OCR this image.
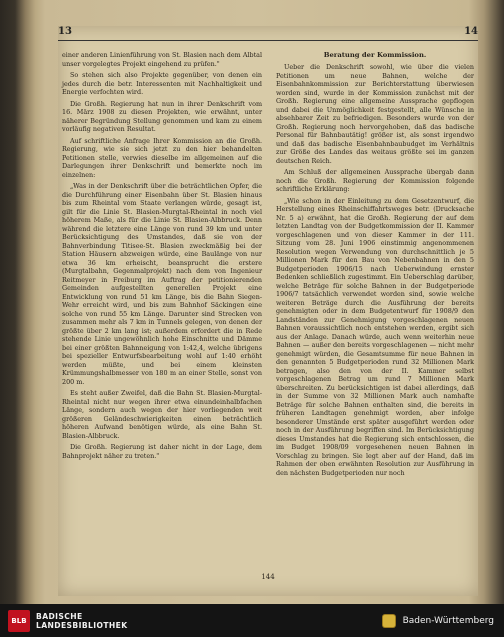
13	14

einer anderen Linienführung von St. Blasien nach dem Albtal unser vorgelegtes Projekt eingehend zu prüfen."

So stehen sich also Projekte gegenüber, von denen ein jedes durch die betr. Interessenten mit Nachhaltigkeit und Energie verfochten wird.

Die Großh. Regierung hat nun in ihrer Denkschrift vom 16. März 1908 zu diesen Projekten, wie erwähnt, unter näherer Begründung Stellung genommen und kam zu einem vorläufig negativen Resultat.

Auf schriftliche Anfrage Ihrer Kommission an die Großh. Regierung, wie sie sich jetzt zu den hier behandelten Petitionen stelle, verwies dieselbe im allgemeinen auf die Darlegungen ihrer Denkschrift und bemerkte noch im einzelnen:

„Was in der Denkschrift über die beträchtlichen Opfer, die die Durchführung einer Eisenbahn über St. Blasien hinaus bis zum Rheintal vom Staate verlangen würde, gesagt ist, gilt für die Linie St. Blasien-Murgtal-Rheintal in noch viel höherem Maße, als für die Linie St. Blasien-Albbruck. Denn während die letztere eine Länge von rund 39 km und unter Berücksichtigung des Umstandes, daß sie von der Bahnverbindung Titisee-St. Blasien zweckmäßig bei der Station Häusern abzweigen würde, eine Baulänge von nur etwa 36 km erheischt, beansprucht die erstere (Murgtalbahn, Gegenmalprojekt) nach dem von Ingenieur Reitmeyer in Freiburg im Auftrag der petitionierenden Gemeinden aufgestellten generellen Projekt eine Entwicklung von rund 51 km Länge, bis die Bahn Siegen-Wehr erreicht wird, und bis zum Bahnhof Säckingen eine solche von rund 55 km Länge. Darunter sind Strecken von zusammen mehr als 7 km in Tunnels gelegen, von denen der größte über 2 km lang ist; außerdem erfordert die in Rede stehende Linie ungewöhnlich hohe Einschnitte und Dämme bei einer größten Bahnneigung von 1:42,4, welche übrigens bei spezieller Entwurfsbearbeitung wohl auf 1:40 erhöht werden müßte, und bei einem kleinsten Krümmungshalbmesser von 180 m an einer Stelle, sonst von 200 m.

Es steht außer Zweifel, daß die Bahn St. Blasien-Murgtal-Rheintal nicht nur wegen ihrer etwa einundeinhalbfachen Länge, sondern auch wegen der hier vorliegenden weit größeren Geländeschwierigkeiten einen beträchtlich höheren Aufwand benötigen würde, als eine Bahn St. Blasien-Albbruck.

Die Großh. Regierung ist daher nicht in der Lage, dem Bahnprojekt näher zu treten."

Beratung der Kommission.

Ueber die Denkschrift sowohl, wie über die vielen Petitionen um neue Bahnen, welche der Eisenbahnkommission zur Berichterstattung überwiesen worden sind, wurde in der Kommission zunächst mit der Großh. Regierung eine allgemeine Aussprache gepflogen und dabei die Unmöglichkeit festgestellt, alle Wünsche in absehbarer Zeit zu befriedigen. Besonders wurde von der Großh. Regierung noch hervorgehoben, daß das badische Personal für Bahnbautätig! größer ist, als sonst irgendwo und daß das badische Eisenbahnbaubudget im Verhältnis zur Größe des Landes das weitaus größte sei im ganzen deutschen Reich.

Am Schluß der allgemeinen Aussprache übergab dann noch die Großh. Regierung der Kommission folgende schriftliche Erklärung:

„Wie schon in der Einleitung zu dem Gesetzentwurf, die Herstellung eines Rheinschiffahrtsweges betr. (Drucksache Nr. 5 a) erwähnt, hat die Großh. Regierung der auf dem letzten Landtag von der Budgetkommission der II. Kammer vorgeschlagenen und von dieser Kammer in der 111. Sitzung vom 28. Juni 1906 einstimmig angenommenen Resolution wegen Verwendung von durchschnittlich je 5 Millionen Mark für den Bau von Nebenbahnen in den 5 Budgetperioden 1906/15 nach Ueberwindung ernster Bedenken schließlich zugestimmt. Ein Ueberschlag darüber, welche Beträge für solche Bahnen in der Budgetperiode 1906/7 tatsächlich verwendet worden sind, sowie welche weiteren Beträge durch die Ausführung der bereits genehmigten oder in dem Budgetentwurf für 1908/9 den Landständen zur Genehmigung vorgeschlagenen neuen Bahnen voraussichtlich noch entstehen werden, ergibt sich aus der Anlage. Danach würde, auch wenn weiterhin neue Bahnen — außer den bereits vorgeschlagenen — nicht mehr genehmigt würden, die Gesamtsumme für neue Bahnen in den genannten 5 Budgetperioden rund 32 Millionen Mark betragen, also den von der II. Kammer selbst vorgeschlagenen Betrag um rund 7 Millionen Mark überschreiten. Zu berücksichtigen ist dabei allerdings, daß in der Summe von 32 Millionen Mark auch namhafte Beträge für solche Bahnen enthalten sind, die bereits in früheren Landtagen genehmigt worden, aber infolge besonderer Umstände erst später ausgeführt werden oder noch in der Ausführung begriffen sind. Im Berücksichtigung dieses Umstandes hat die Regierung sich entschlossen, die im Budget 1908/09 vorgesehenen neuen Bahnen in Vorschlag zu bringen. Sie legt aber auf der Hand, daß im Rahmen der oben erwähnten Resolution zur Ausführung in den nächsten Budgetperioden nur noch

144
BLB	BADISCHE
LANDESBIBLIOTHEK	Baden-Württemberg
